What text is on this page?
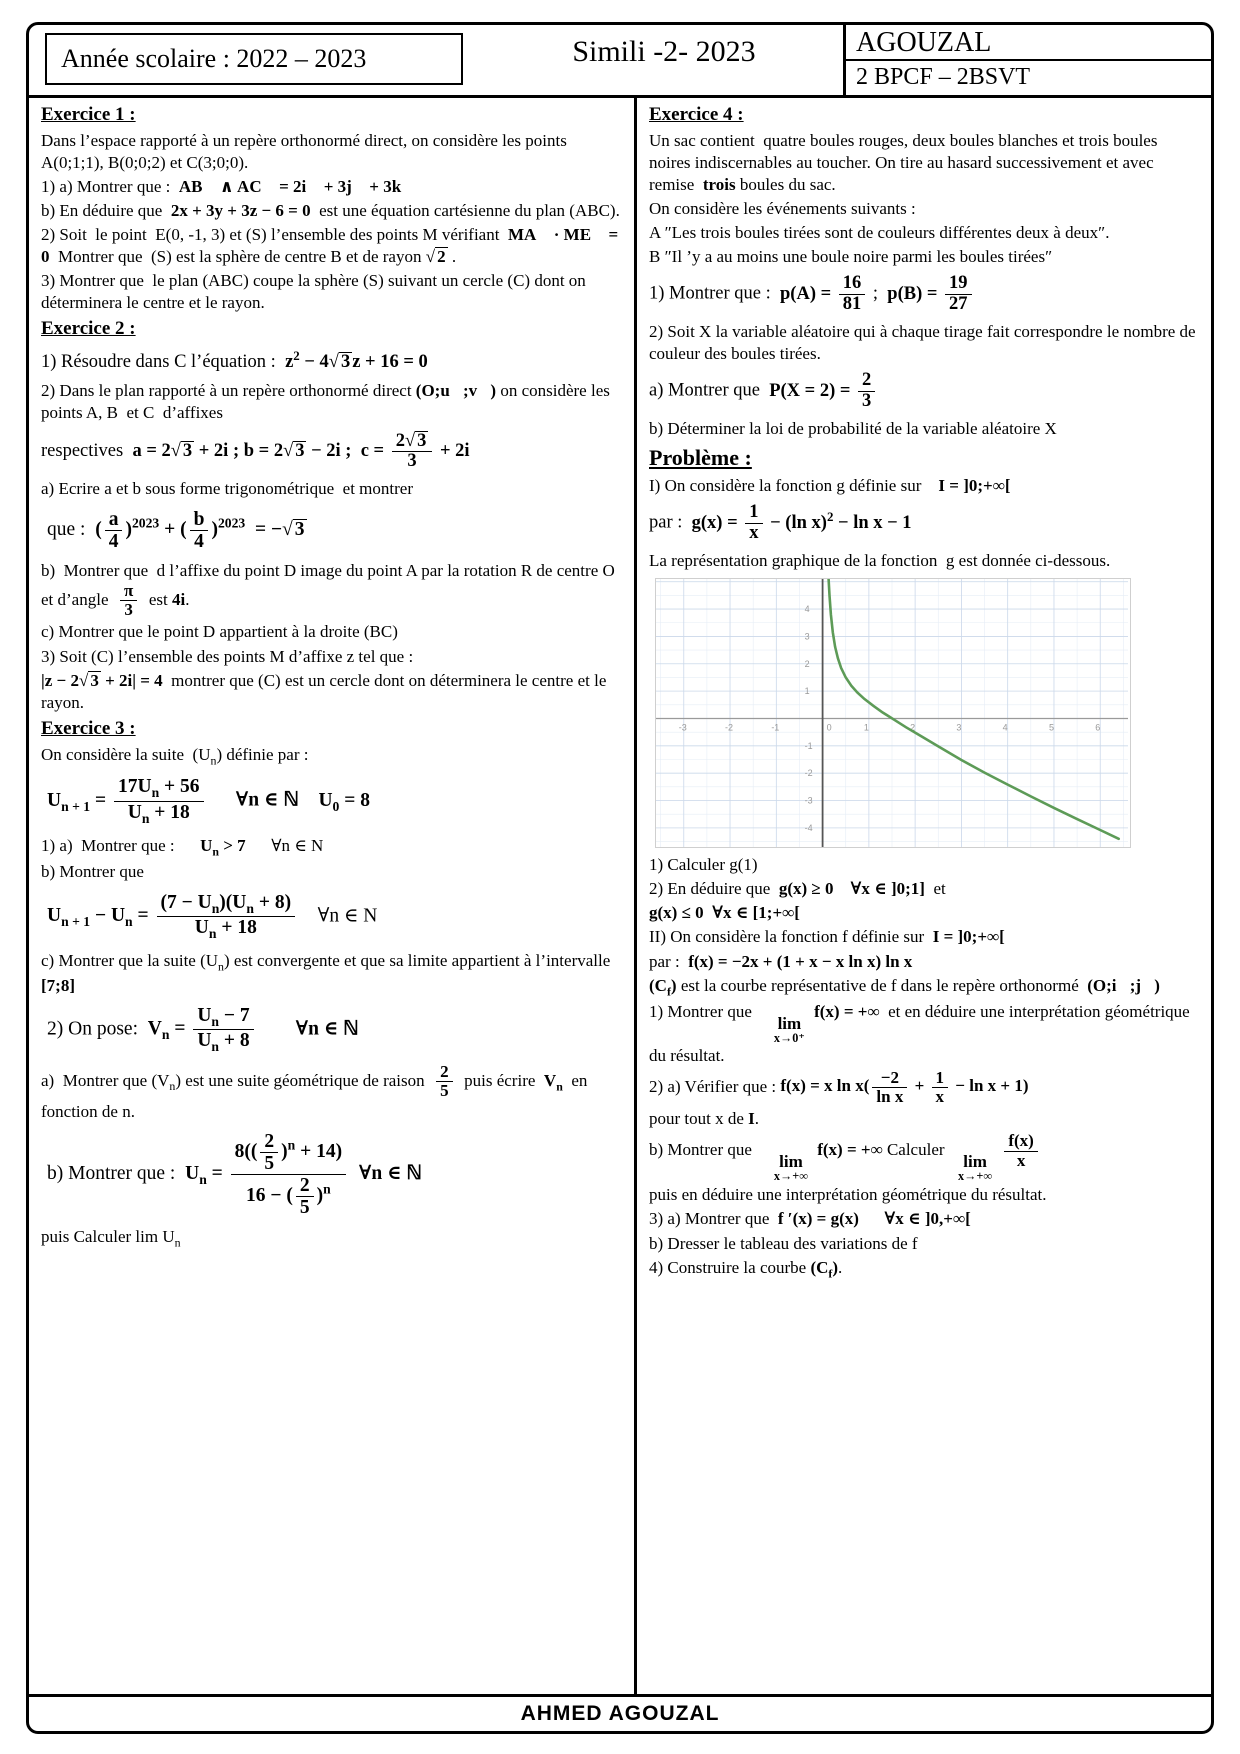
Année scolaire : 2022 – 2023	Simili -2- 2023	AGOUZAL
2 BPCF – 2BSVT
Exercice 1 :
Dans l’espace rapporté à un repère orthonormé direct, on considère les points A(0;1;1), B(0;0;2) et C(3;0;0).
1) a) Montrer que :  AB⃗ ∧ AC⃗ = 2i⃗ + 3j⃗ + 3k⃗
b) En déduire que  2x + 3y + 3z − 6 = 0  est une équation cartésienne du plan (ABC).
2) Soit  le point  E(0, -1, 3) et (S) l’ensemble des points M vérifiant  MA⃗ · ME⃗ = 0  Montrer que  (S) est la sphère de centre B et de rayon √ 2 .
3) Montrer que  le plan (ABC) coupe la sphère (S) suivant un cercle (C) dont on déterminera le centre et le rayon.
Exercice 2 :
1) Résoudre dans C l’équation :  $z^2 - 4√$ 3 z + 16 = 0
2) Dans le plan rapporté à un repère orthonormé direct (O;u⃗;v⃗) on considère les points A, B  et C  d’affixes
respectives  a = 2√ 3 + 2i ; b = 2√ 3 − 2i ;  $c = \frac{2√ 3}{3} + 2i$
a) Ecrire a et b sous forme trigonométrique  et montrer
que :  ( $\frac{a}{4} )^{2023}$ + ( $\frac{b}{4} )^{2023}$  = −√ 3
b)  Montrer que  d l’affixe du point D image du point A par la rotation R de centre O et d’angle $\frac{\pi}{3}$ est 4i.
c) Montrer que le point D appartient à la droite (BC)
3) Soit (C) l’ensemble des points M d’affixe z tel que :
|z − 2√ 3 + 2i| = 4  montrer que (C) est un cercle dont on déterminera le centre et le rayon.
Exercice 3 :
On considère la suite  $(U_n)$ définie par :
$U_{n + 1} = \frac{17U_n + 56}{U_n + 18}$ ∀n ∈ ℕ $U_0 = 8$
1) a)  Montrer que :      $U_n > 7$      ∀n ∈ N
b) Montrer que
$U_{n + 1} - U_n = \frac{(7 - U_n)(U_n + 8)}{U_n + 18}$ ∀n ∈ N
c) Montrer que la suite $(U_n)$ est convergente et que sa limite appartient à l’intervalle  [7;8]
2) On pose:  $V_n = \frac{U_n - 7}{U_n + 8}$ ∀n ∈ ℕ
a)  Montrer que $(V_n)$ est une suite géométrique de raison $\frac{2}{5}$ puis écrire  $V_n$  en fonction de n.
b) Montrer que :  $U_n = \frac{8(( \frac{2}{5} )^n + 14)}{16 - ( \frac{2}{5} )^n}$ ∀n ∈ ℕ
puis Calculer $\lim U_n$
Exercice 4 :
Un sac contient  quatre boules rouges, deux boules blanches et trois boules noires indiscernables au toucher. On tire au hasard successivement et avec remise  trois boules du sac.
On considère les événements suivants :
A ″Les trois boules tirées sont de couleurs différentes deux à deux″.
B ″Il ’y a au moins une boule noire parmi les boules tirées″
1) Montrer que :  $p(A) = \frac{16}{81}$ ;  $p(B) = \frac{19}{27}$
2) Soit X la variable aléatoire qui à chaque tirage fait correspondre le nombre de couleur des boules tirées.
a) Montrer que  $P(X = 2) = \frac{2}{3}$
b) Déterminer la loi de probabilité de la variable aléatoire X
Problème :
I) On considère la fonction g définie sur    I = ]0;+∞[
par :  $g(x) = \frac{1}{x} - (\ln$ x)$^2$ − ln x − 1
La représentation graphique de la fonction  g est donnée ci-dessous.
-3	-2	-1	1	2	3	4	5	6
0
-4
-3
-2
-1
1
2
3
4
1) Calculer g(1)
2) En déduire que  g(x) ≥ 0    ∀x ∈ ]0;1]  et
g(x) ≤ 0  ∀x ∈ [1;+∞[
II) On considère la fonction f définie sur  I = ]0;+∞[
par :  f(x) = −2x + (1 + x − x ln x) ln x
$(C_f)$ est la courbe représentative de f dans le repère orthonormé  (O;i⃗;j⃗)
1) Montrer que
lim
x→0⁺
f(x) = +∞  et en déduire une interprétation géométrique du résultat.
2) a) Vérifier que : f(x) = x $\ln x( \frac{-2}{\text{ln x}} + \frac{1}{x} - \ln x + 1)$
pour tout x de I.
b) Montrer que
lim
x→+∞
f(x) = +∞ Calculer
lim
x→+∞

$\frac{f(x)}{x}$
puis en déduire une interprétation géométrique du résultat.
3) a) Montrer que  f ′(x) = g(x)      ∀x ∈ ]0,+∞[
b) Dresser le tableau des variations de f
4) Construire la courbe $(C_f)$.
AHMED AGOUZAL
